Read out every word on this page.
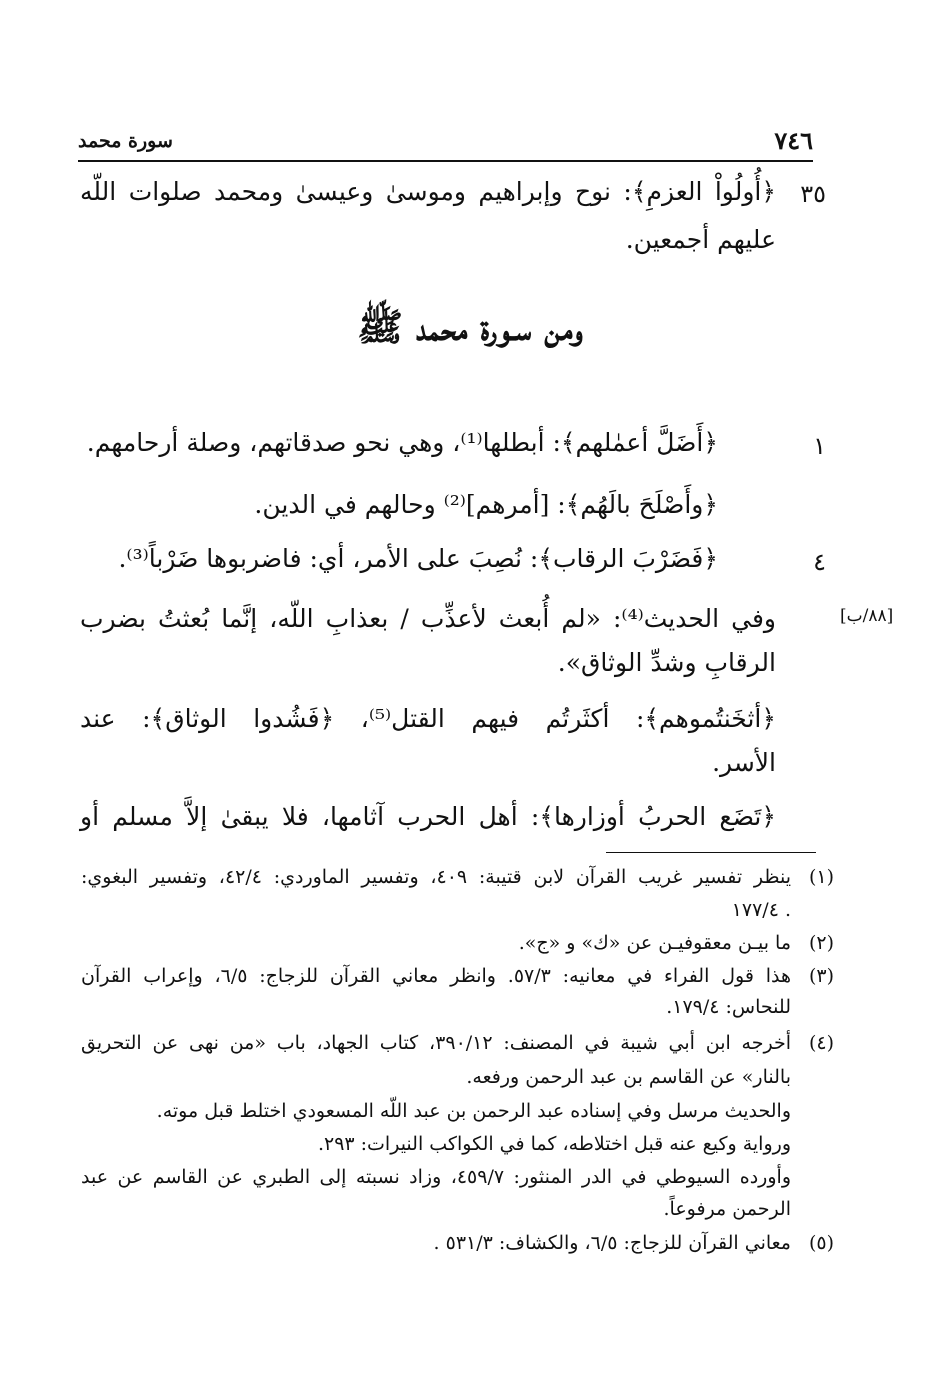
سورة محمد	٧٤٦
٣٥
﴿أُولُواْ العزمِ﴾: نوح وإبراهيم وموسىٰ وعيسىٰ ومحمد صلوات اللّه
عليهم أجمعين.
ومن سـورة محمد ﷺ
١
﴿أَضَلَّ أعمٰلهم﴾: أبطلها⁽¹⁾، وهي نحو صدقاتهم، وصلة أرحامهم.
﴿وأَصْلَحَ بالَهُم﴾: [أمرهم]⁽²⁾ وحالهم في الدين.
٤
﴿فَضَرْبَ الرقاب﴾: نُصِبَ على الأمر، أي: فاضربوها ضَرْباً⁽³⁾.
وفي الحديث⁽⁴⁾: «لم أُبعث لأعذِّب / بعذابِ اللّه، إنَّما بُعثتُ بضرب
الرقابِ وشدِّ الوثاق».
﴿أثخَنتُموهم﴾: أكثَرتُم فيهم القتل⁽⁵⁾، ﴿فَشُدوا الوثاق﴾: عند
الأسر.
﴿تَضَع الحربُ أوزارها﴾: أهل الحرب آثامها، فلا يبقىٰ إلاَّ مسلم أو
[٨٨/ب]
(١)
ينظر تفسير غريب القرآن لابن قتيبة: ٤٠٩، وتفسير الماوردي: ٤٢/٤، وتفسير البغوي:
١٧٧/٤ .
(٢)
ما بيـن معقوفيـن عن «ك» و «ج».
(٣)
هذا قول الفراء في معانيه: ٥٧/٣. وانظر معاني القرآن للزجاج: ٦/٥، وإعراب القرآن
للنحاس: ١٧٩/٤.
(٤)
أخرجه ابن أبي شيبة في المصنف: ٣٩٠/١٢، كتاب الجهاد، باب «من نهى عن التحريق
بالنار» عن القاسم بن عبد الرحمن ورفعه.
والحديث مرسل وفي إسناده عبد الرحمن بن عبد اللّه المسعودي اختلط قبل موته.
ورواية وكيع عنه قبل اختلاطه، كما في الكواكب النيرات: ٢٩٣.
وأورده السيوطي في الدر المنثور: ٤٥٩/٧، وزاد نسبته إلى الطبري عن القاسم عن عبد
الرحمن مرفوعاً.
(٥)
معاني القرآن للزجاج: ٦/٥، والكشاف: ٥٣١/٣ .
